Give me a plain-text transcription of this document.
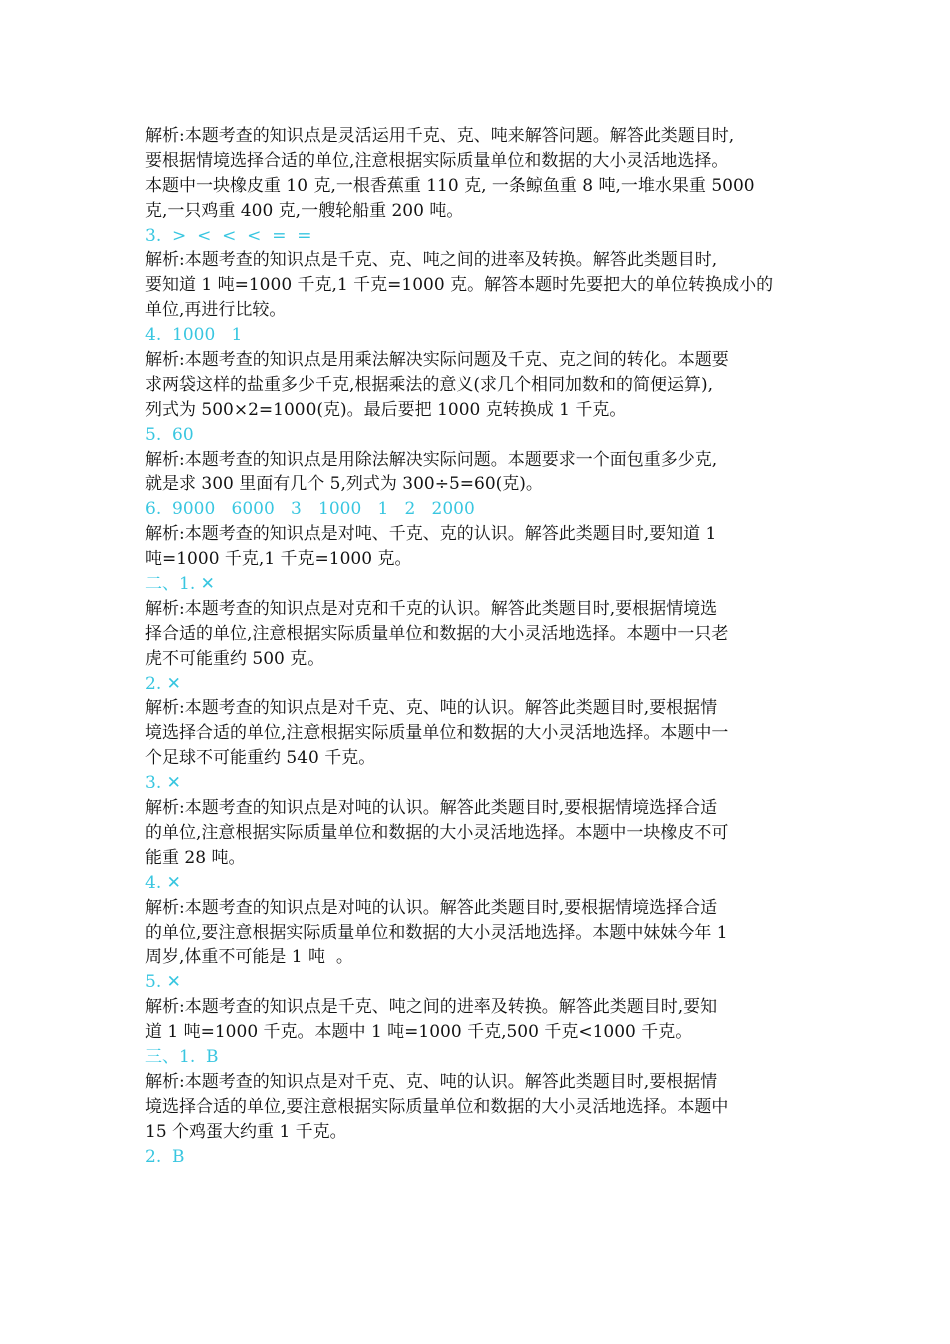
解析:本题考查的知识点是灵活运用千克、克、吨来解答问题。解答此类题目时,
要根据情境选择合适的单位,注意根据实际质量单位和数据的大小灵活地选择。
本题中一块橡皮重 10 克,一根香蕉重 110 克, 一条鲸鱼重 8 吨,一堆水果重 5000
克,一只鸡重 400 克,一艘轮船重 200 吨。
3.  >  <  <  <  =  =
解析:本题考查的知识点是千克、克、吨之间的进率及转换。解答此类题目时,
要知道 1 吨=1000 千克,1 千克=1000 克。解答本题时先要把大的单位转换成小的
单位,再进行比较。
4.  1000   1
解析:本题考查的知识点是用乘法解决实际问题及千克、克之间的转化。本题要
求两袋这样的盐重多少千克,根据乘法的意义(求几个相同加数和的简便运算),
列式为 500×2=1000(克)。最后要把 1000 克转换成 1 千克。
5.  60
解析:本题考查的知识点是用除法解决实际问题。本题要求一个面包重多少克,
就是求 300 里面有几个 5,列式为 300÷5=60(克)。
6.  9000   6000   3   1000   1   2   2000
解析:本题考查的知识点是对吨、千克、克的认识。解答此类题目时,要知道 1
吨=1000 千克,1 千克=1000 克。
二、1. ✕
解析:本题考查的知识点是对克和千克的认识。解答此类题目时,要根据情境选
择合适的单位,注意根据实际质量单位和数据的大小灵活地选择。本题中一只老
虎不可能重约 500 克。
2. ✕
解析:本题考查的知识点是对千克、克、吨的认识。解答此类题目时,要根据情
境选择合适的单位,注意根据实际质量单位和数据的大小灵活地选择。本题中一
个足球不可能重约 540 千克。
3. ✕
解析:本题考查的知识点是对吨的认识。解答此类题目时,要根据情境选择合适
的单位,注意根据实际质量单位和数据的大小灵活地选择。本题中一块橡皮不可
能重 28 吨。
4. ✕
解析:本题考查的知识点是对吨的认识。解答此类题目时,要根据情境选择合适
的单位,要注意根据实际质量单位和数据的大小灵活地选择。本题中妹妹今年 1
周岁,体重不可能是 1 吨  。
5. ✕
解析:本题考查的知识点是千克、吨之间的进率及转换。解答此类题目时,要知
道 1 吨=1000 千克。本题中 1 吨=1000 千克,500 千克<1000 千克。
三、1.  B
解析:本题考查的知识点是对千克、克、吨的认识。解答此类题目时,要根据情
境选择合适的单位,要注意根据实际质量单位和数据的大小灵活地选择。本题中
15 个鸡蛋大约重 1 千克。
2.  B
